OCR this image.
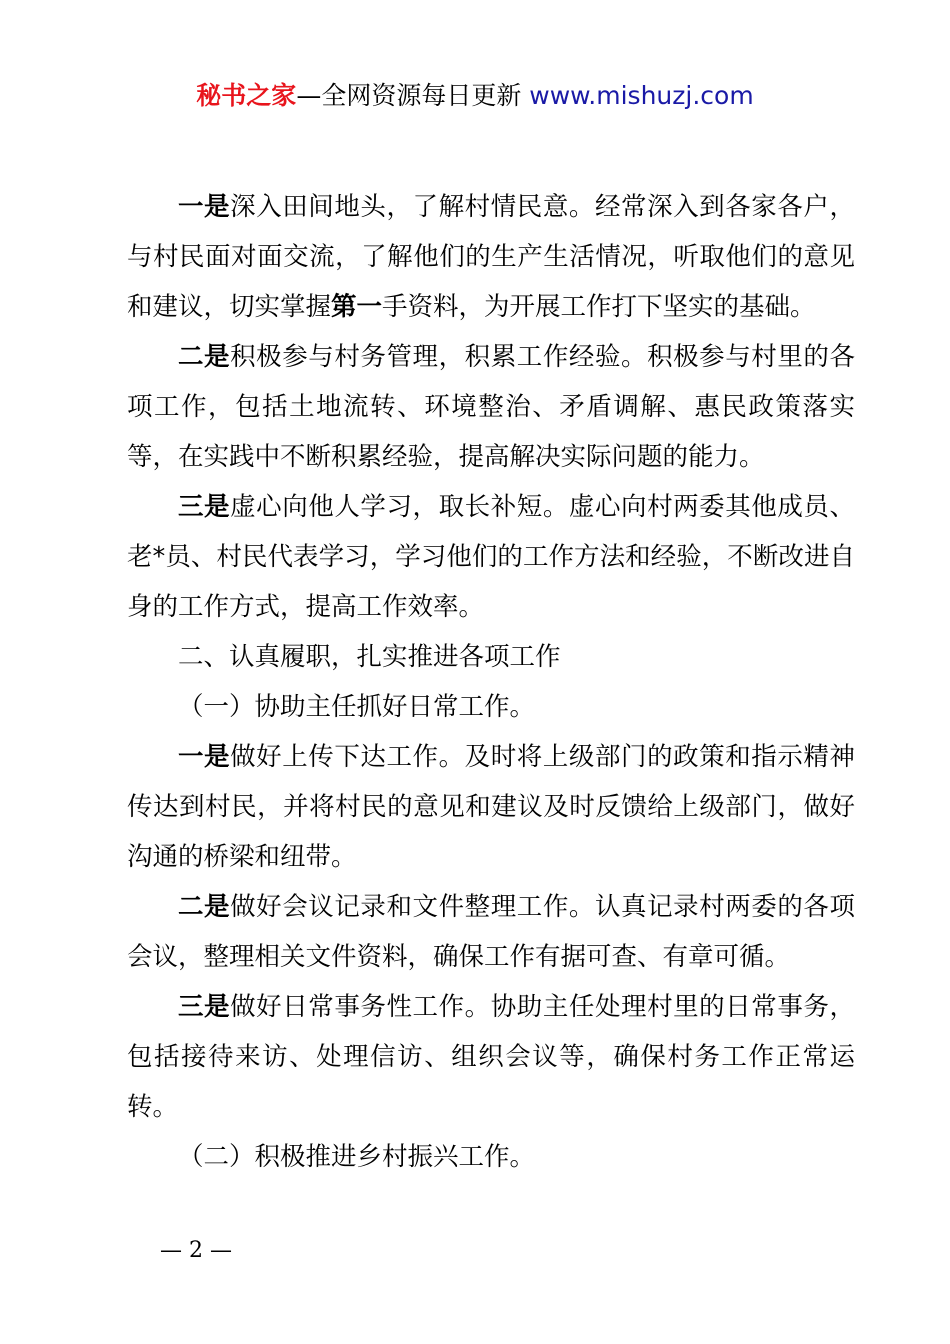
秘书之家—全网资源每日更新 www.mishuzj.com

一是深入田间地头，了解村情民意。经常深入到各家各户，与村民面对面交流，了解他们的生产生活情况，听取他们的意见和建议，切实掌握第一手资料，为开展工作打下坚实的基础。

二是积极参与村务管理，积累工作经验。积极参与村里的各项工作，包括土地流转、环境整治、矛盾调解、惠民政策落实等，在实践中不断积累经验，提高解决实际问题的能力。

三是虚心向他人学习，取长补短。虚心向村两委其他成员、老*员、村民代表学习，学习他们的工作方法和经验，不断改进自身的工作方式，提高工作效率。

二、认真履职，扎实推进各项工作

（一）协助主任抓好日常工作。

一是做好上传下达工作。及时将上级部门的政策和指示精神传达到村民，并将村民的意见和建议及时反馈给上级部门，做好沟通的桥梁和纽带。

二是做好会议记录和文件整理工作。认真记录村两委的各项会议，整理相关文件资料，确保工作有据可查、有章可循。

三是做好日常事务性工作。协助主任处理村里的日常事务，包括接待来访、处理信访、组织会议等，确保村务工作正常运转。

（二）积极推进乡村振兴工作。

— 2 —
